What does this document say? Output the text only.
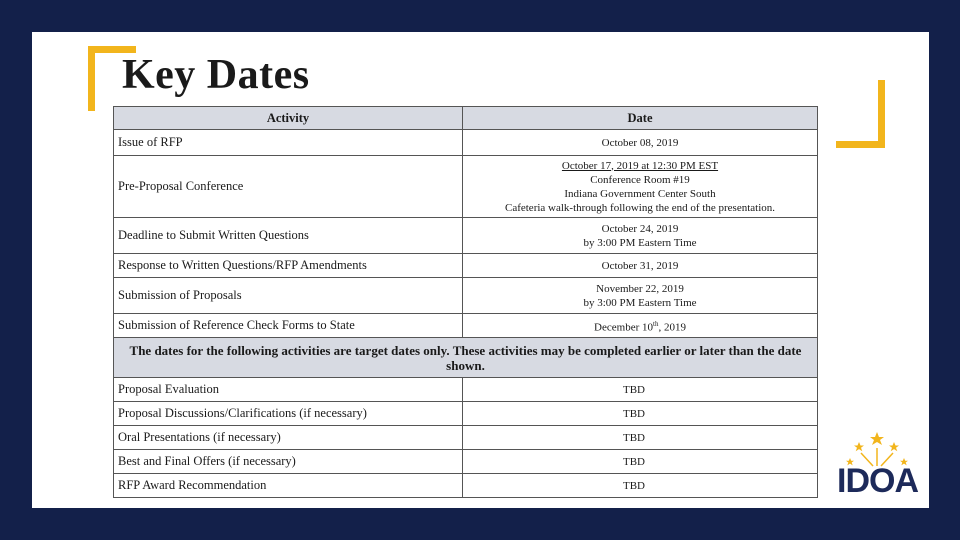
Key Dates
Activity	Date
Issue of RFP	October 08, 2019
Pre-Proposal Conference	October 17, 2019 at 12:30 PM EST
Conference Room #19
Indiana Government Center South
Cafeteria walk-through following the end of the presentation.

Deadline to Submit Written Questions	October 24, 2019
by 3:00 PM Eastern Time

Response to Written Questions/RFP Amendments	October 31, 2019
Submission of Proposals	November 22, 2019
by 3:00 PM Eastern Time

Submission of Reference Check Forms to State	December 10th, 2019
The dates for the following activities are target dates only. These activities may be completed earlier or later than the date shown.	
Proposal Evaluation	TBD
Proposal Discussions/Clarifications (if necessary)	TBD
Oral Presentations (if necessary)	TBD
Best and Final Offers (if necessary)	TBD
RFP Award Recommendation	TBD	IDOA
